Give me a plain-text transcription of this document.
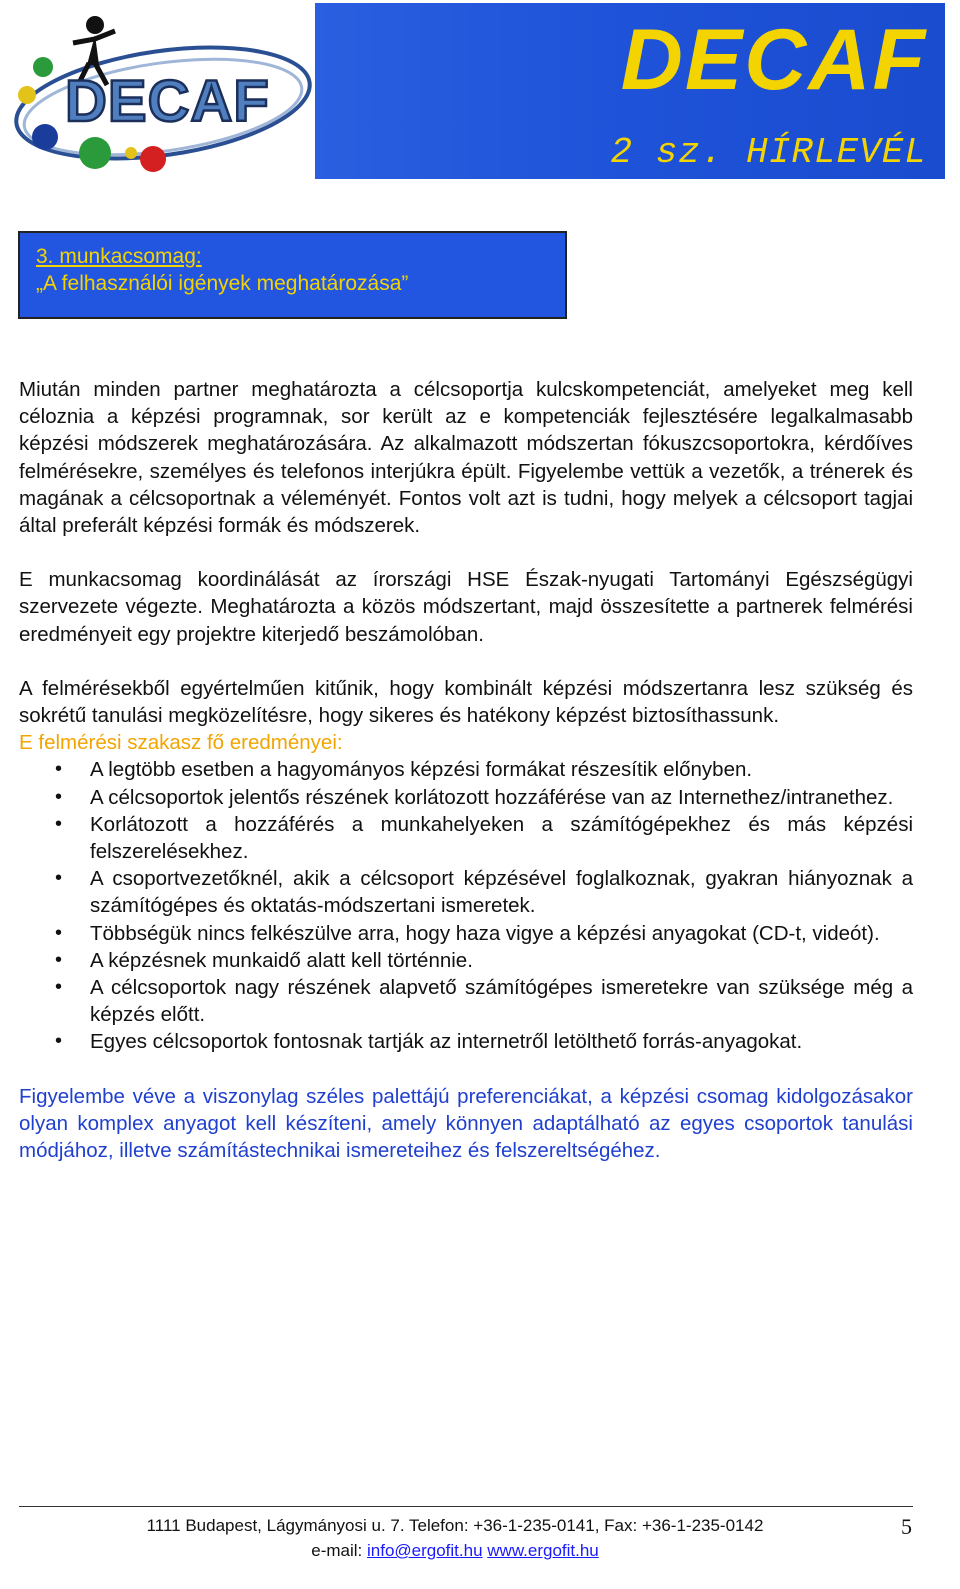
DECAF	DECAF
2 sz. HÍRLEVÉL
3. munkacsomag:
„A felhasználói igények meghatározása”

Miután minden partner meghatározta a célcsoportja kulcskompetenciát, amelyeket meg kell céloznia a képzési programnak, sor került az e kompetenciák fejlesztésére legalkalmasabb képzési módszerek meghatározására. Az alkalmazott módszertan fókuszcsoportokra, kérdőíves felmérésekre, személyes és telefonos interjúkra épült. Figyelembe vettük a vezetők, a trénerek és magának a célcsoportnak a véleményét. Fontos volt azt is tudni, hogy melyek a célcsoport tagjai által preferált képzési formák és módszerek.

E munkacsomag koordinálását az írországi HSE Észak-nyugati Tartományi Egészségügyi szervezete végezte. Meghatározta a közös módszertant, majd összesítette a partnerek felmérési eredményeit egy projektre kiterjedő beszámolóban.

A felmérésekből egyértelműen kitűnik, hogy kombinált képzési módszertanra lesz szükség és sokrétű tanulási megközelítésre, hogy sikeres és hatékony képzést biztosíthassunk.

E felmérési szakasz fő eredményei:

• A legtöbb esetben a hagyományos képzési formákat részesítik előnyben.
• A célcsoportok jelentős részének korlátozott hozzáférése van az Internethez/intranethez.
• Korlátozott a hozzáférés a munkahelyeken a számítógépekhez és más képzési felszerelésekhez.
• A csoportvezetőknél, akik a célcsoport képzésével foglalkoznak, gyakran hiányoznak a számítógépes és oktatás-módszertani ismeretek.
• Többségük nincs felkészülve arra, hogy haza vigye a képzési anyagokat (CD-t, videót).
• A képzésnek munkaidő alatt kell történnie.
• A célcsoportok nagy részének alapvető számítógépes ismeretekre van szüksége még a képzés előtt.
• Egyes célcsoportok fontosnak tartják az internetről letölthető forrás-anyagokat.

Figyelembe véve a viszonylag széles palettájú preferenciákat, a képzési csomag kidolgozásakor olyan komplex anyagot kell készíteni, amely könnyen adaptálható az egyes csoportok tanulási módjához, illetve számítástechnikai ismereteihez és felszereltségéhez.

1111 Budapest, Lágymányosi u. 7. Telefon: +36-1-235-0141, Fax: +36-1-235-0142
e-mail: info@ergofit.hu www.ergofit.hu
5
